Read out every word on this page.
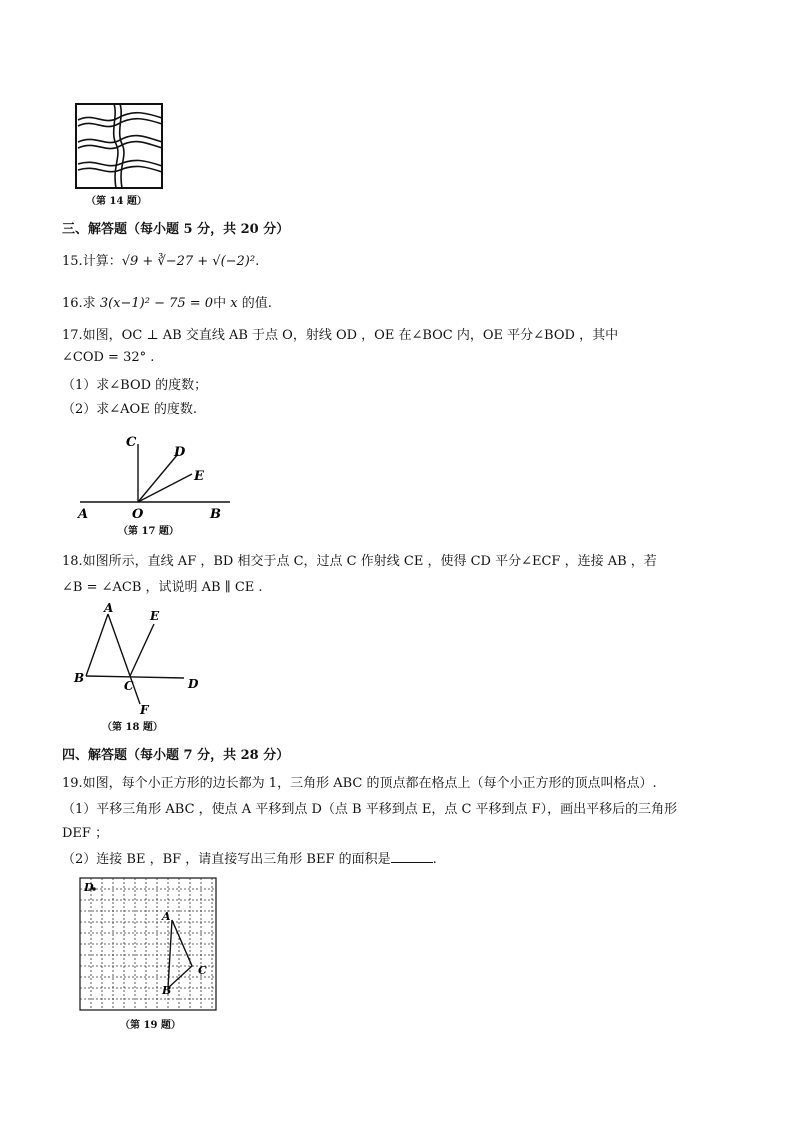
（第 14 题）
三、解答题（每小题 5 分，共 20 分）
15.计算：√9 + ∛−27 + √(−2)².
16.求 3(x−1)² − 75 = 0中 x 的值.
17.如图，OC ⊥ AB 交直线 AB 于点 O，射线 OD ，OE 在∠BOC 内，OE 平分∠BOD ，其中
∠COD = 32° .
（1）求∠BOD 的度数；
（2）求∠AOE 的度数.
C
D
E
A	O	B
（第 17 题）
18.如图所示，直线 AF ，BD 相交于点 C，过点 C 作射线 CE ，使得 CD 平分∠ECF ，连接 AB ，若
∠B = ∠ACB ，试说明 AB ∥ CE .
A
E
B
C	D
F
（第 18 题）
四、解答题（每小题 7 分，共 28 分）
19.如图，每个小正方形的边长都为 1，三角形 ABC 的顶点都在格点上（每个小正方形的顶点叫格点）.
（1）平移三角形 ABC ，使点 A 平移到点 D（点 B 平移到点 E，点 C 平移到点 F），画出平移后的三角形
DEF ；
（2）连接 BE ，BF ，请直接写出三角形 BEF 的面积是	.
D
A
B
C
（第 19 题）
